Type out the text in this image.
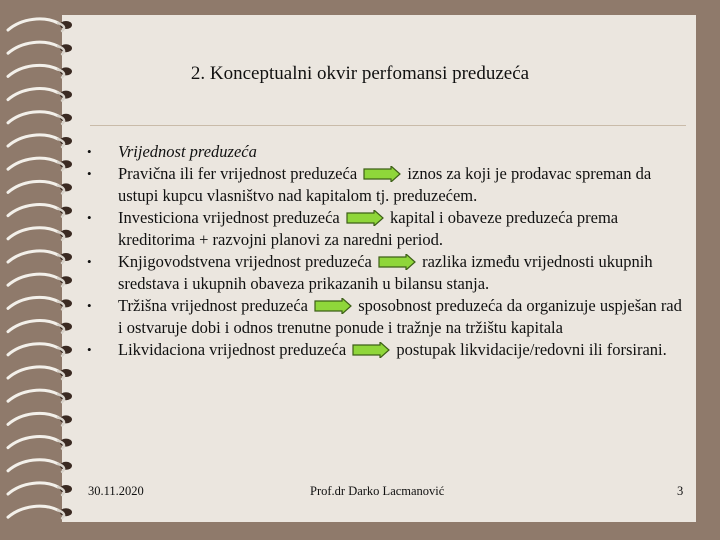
2. Konceptualni okvir perfomansi preduzeća
• Vrijednost preduzeća
• Pravična ili fer vrijednost preduzeća	iznos za koji je prodavac spreman da ustupi kupcu vlasništvo nad kapitalom tj. preduzećem.
• Investiciona vrijednost preduzeća	kapital i obaveze preduzeća prema kreditorima + razvojni planovi za naredni period.
• Knjigovodstvena vrijednost preduzeća	razlika između vrijednosti ukupnih sredstava i ukupnih obaveza prikazanih u bilansu stanja.
• Tržišna vrijednost preduzeća	sposobnost preduzeća da organizuje uspješan rad i ostvaruje dobi i odnos trenutne ponude i tražnje na tržištu kapitala
• Likvidaciona vrijednost preduzeća	postupak likvidacije/redovni ili forsirani.
30.11.2020	Prof.dr Darko Lacmanović	3
